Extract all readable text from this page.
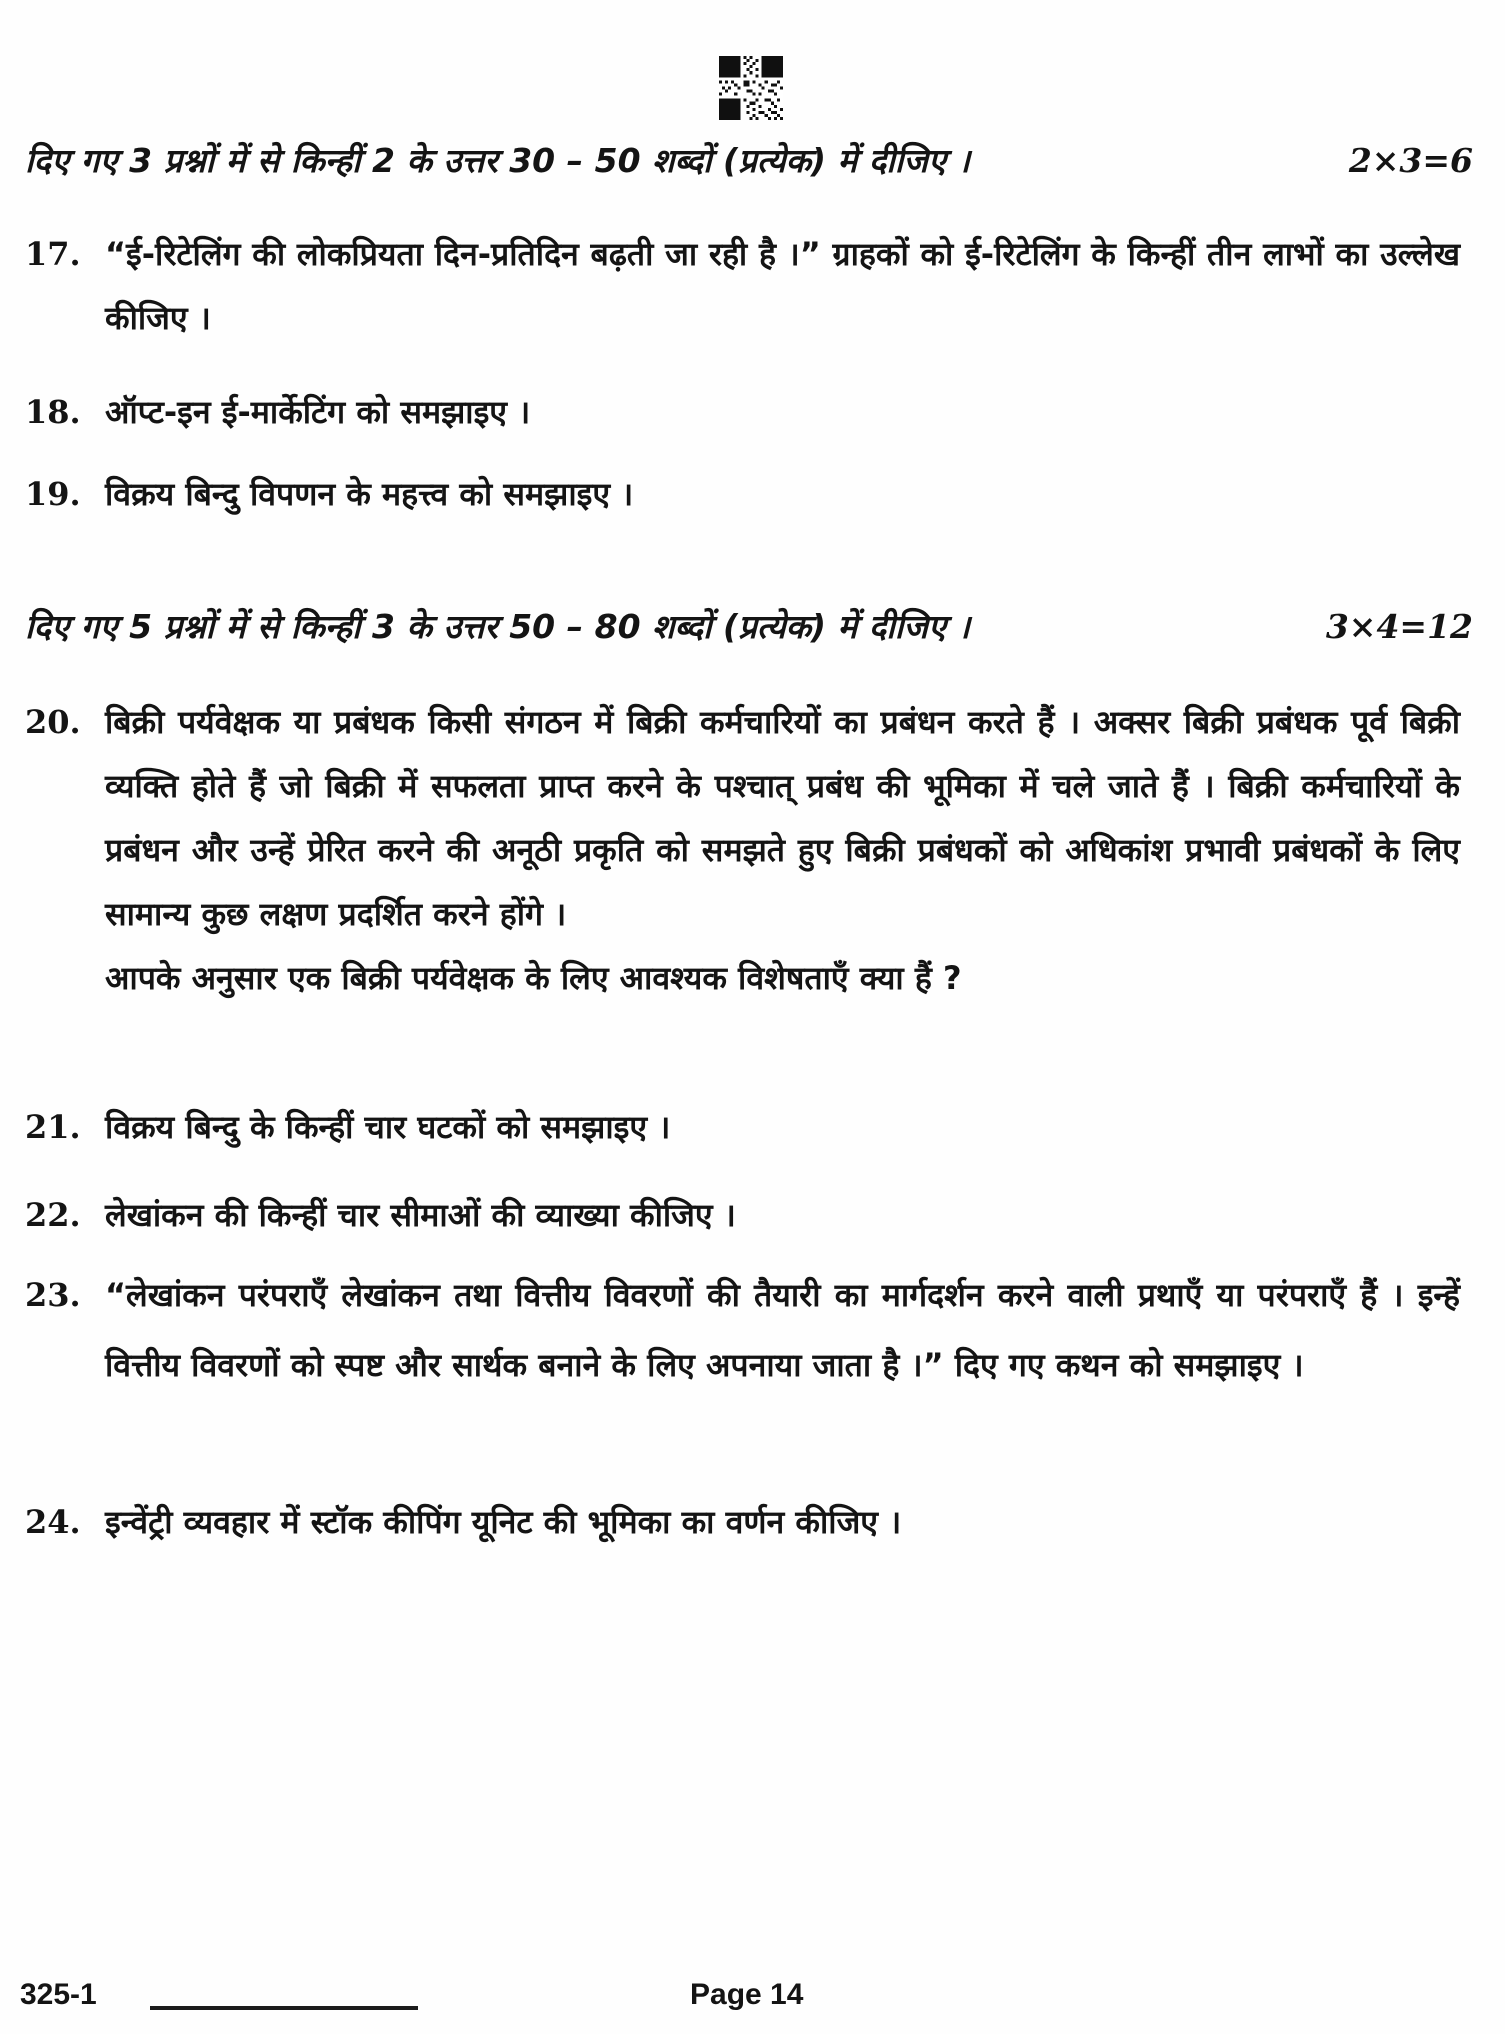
दिए गए 3 प्रश्नों में से किन्हीं 2 के उत्तर 30 – 50 शब्दों (प्रत्येक) में दीजिए ।	2×3=6
17. “ई-रिटेलिंग की लोकप्रियता दिन-प्रतिदिन बढ़ती जा रही है ।” ग्राहकों को ई-रिटेलिंग के किन्हीं तीन लाभों का उल्लेख कीजिए ।
18. ऑप्ट-इन ई-मार्केटिंग को समझाइए ।
19. विक्रय बिन्दु विपणन के महत्त्व को समझाइए ।
दिए गए 5 प्रश्नों में से किन्हीं 3 के उत्तर 50 – 80 शब्दों (प्रत्येक) में दीजिए ।	3×4=12
20. बिक्री पर्यवेक्षक या प्रबंधक किसी संगठन में बिक्री कर्मचारियों का प्रबंधन करते हैं । अक्सर बिक्री प्रबंधक पूर्व बिक्री व्यक्ति होते हैं जो बिक्री में सफलता प्राप्त करने के पश्चात् प्रबंध की भूमिका में चले जाते हैं । बिक्री कर्मचारियों के प्रबंधन और उन्हें प्रेरित करने की अनूठी प्रकृति को समझते हुए बिक्री प्रबंधकों को अधिकांश प्रभावी प्रबंधकों के लिए सामान्य कुछ लक्षण प्रदर्शित करने होंगे ।
आपके अनुसार एक बिक्री पर्यवेक्षक के लिए आवश्यक विशेषताएँ क्या हैं ?
21. विक्रय बिन्दु के किन्हीं चार घटकों को समझाइए ।
22. लेखांकन की किन्हीं चार सीमाओं की व्याख्या कीजिए ।
23. “लेखांकन परंपराएँ लेखांकन तथा वित्तीय विवरणों की तैयारी का मार्गदर्शन करने वाली प्रथाएँ या परंपराएँ हैं । इन्हें वित्तीय विवरणों को स्पष्ट और सार्थक बनाने के लिए अपनाया जाता है ।” दिए गए कथन को समझाइए ।
24. इन्वेंट्री व्यवहार में स्टॉक कीपिंग यूनिट की भूमिका का वर्णन कीजिए ।
325-1	Page 14
